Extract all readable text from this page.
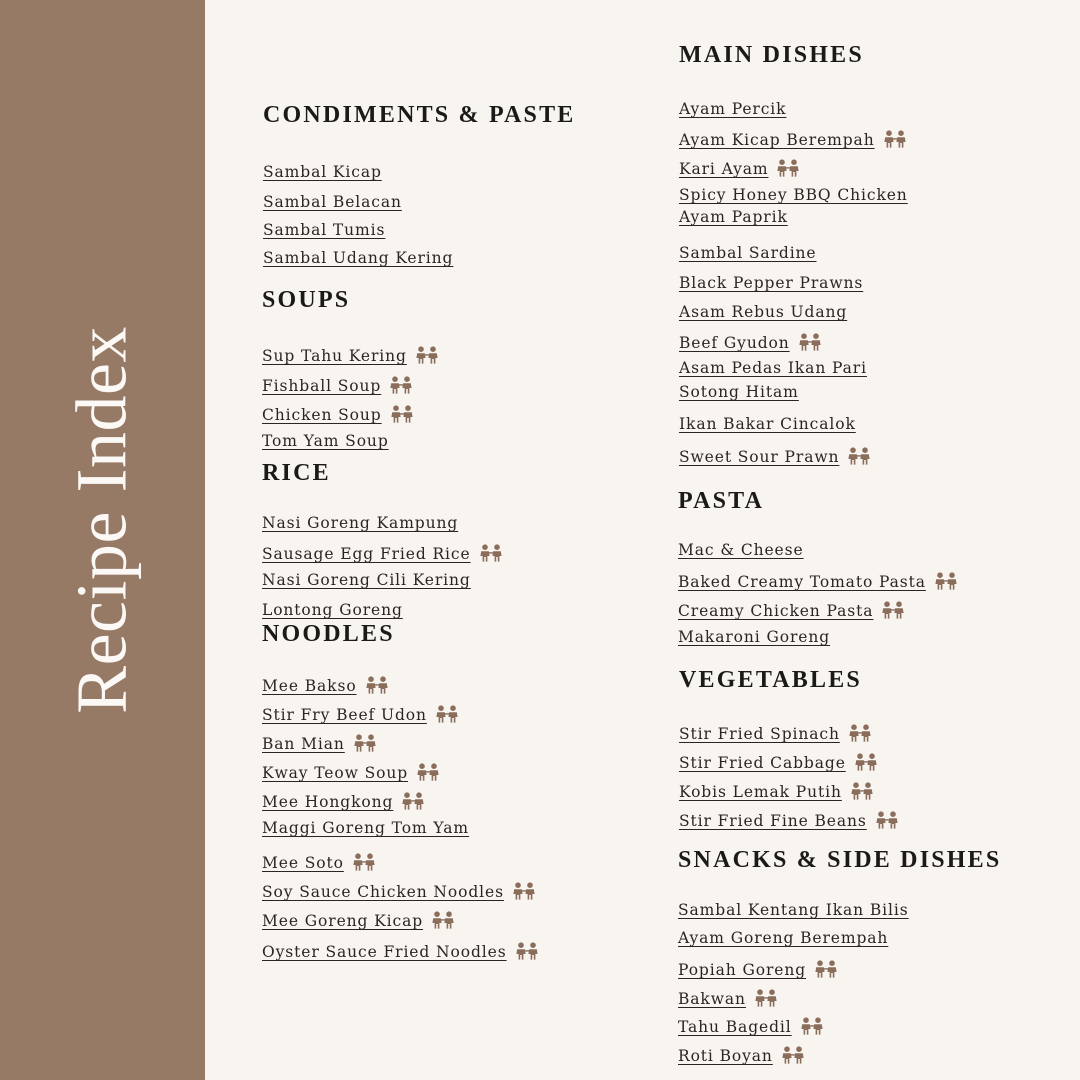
Recipe Index
CONDIMENTS & PASTE
Sambal Kicap
Sambal Belacan
Sambal Tumis
Sambal Udang Kering
SOUPS
Sup Tahu Kering
Fishball Soup
Chicken Soup
Tom Yam Soup
RICE
Nasi Goreng Kampung
Sausage Egg Fried Rice
Nasi Goreng Cili Kering
Lontong Goreng
NOODLES
Mee Bakso
Stir Fry Beef Udon
Ban Mian
Kway Teow Soup
Mee Hongkong
Maggi Goreng Tom Yam
Mee Soto
Soy Sauce Chicken Noodles
Mee Goreng Kicap
Oyster Sauce Fried Noodles
MAIN DISHES
Ayam Percik
Ayam Kicap Berempah
Kari Ayam
Spicy Honey BBQ Chicken
Ayam Paprik
Sambal Sardine
Black Pepper Prawns
Asam Rebus Udang
Beef Gyudon
Asam Pedas Ikan Pari
Sotong Hitam
Ikan Bakar Cincalok
Sweet Sour Prawn
PASTA
Mac & Cheese
Baked Creamy Tomato Pasta
Creamy Chicken Pasta
Makaroni Goreng
VEGETABLES
Stir Fried Spinach
Stir Fried Cabbage
Kobis Lemak Putih
Stir Fried Fine Beans
SNACKS & SIDE DISHES
Sambal Kentang Ikan Bilis
Ayam Goreng Berempah
Popiah Goreng
Bakwan
Tahu Bagedil
Roti Boyan
